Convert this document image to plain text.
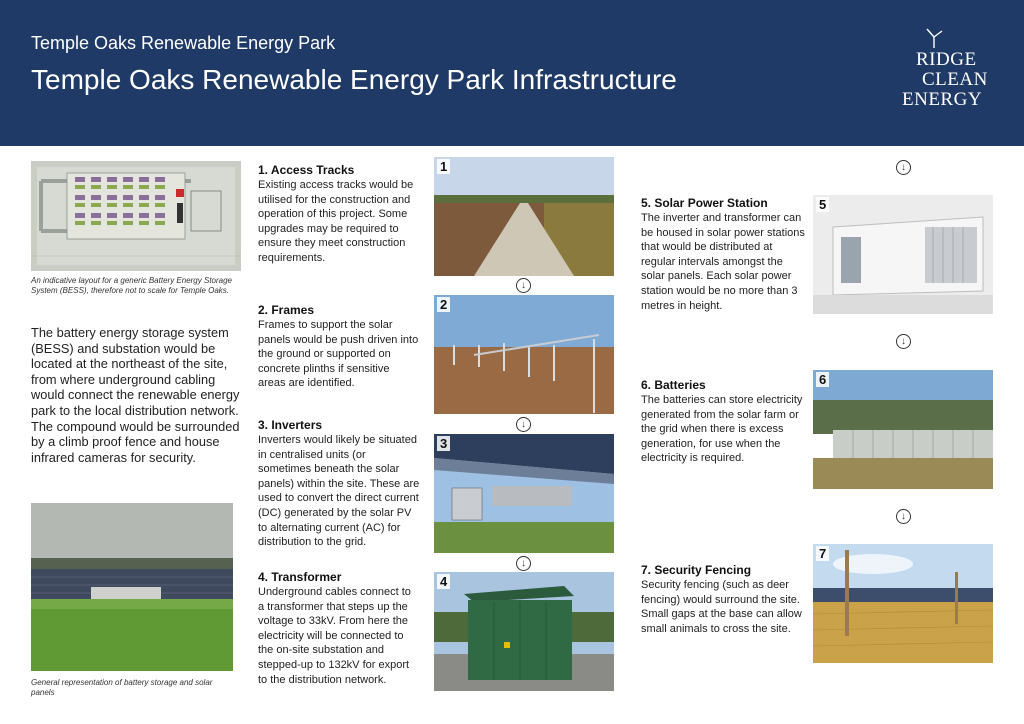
Temple Oaks Renewable Energy Park
Temple Oaks Renewable Energy Park Infrastructure
RIDGE
CLEAN
ENERGY
An indicative layout for a generic Battery Energy Storage System (BESS), therefore not to scale for Temple Oaks.
The battery energy storage system (BESS) and substation would be located at the northeast of the site, from where underground cabling would connect the renewable energy park to the local distribution network. The compound would be surrounded by a climb proof fence and house infrared cameras for security.
General representation of battery storage and solar panels
1. Access Tracks

Existing access tracks would be utilised for the construction and operation of this project. Some upgrades may be required to ensure they meet construction requirements.

2. Frames

Frames to support the solar panels would be push driven into the ground or supported on concrete plinths if sensitive areas are identified.

3. Inverters

Inverters would likely be situated in centralised units (or sometimes beneath the solar panels) within the site. These are used to convert the direct current (DC) generated by the solar PV to alternating current (AC) for distribution to the grid.

4. Transformer

Underground cables connect to a transformer that steps up the voltage to 33kV. From here the electricity will be connected to the on-site substation and stepped-up to 132kV for export to the distribution network.

1
↓
2
↓
3
↓
4
↓
5. Solar Power Station

The inverter and transformer can be housed in solar power stations that would be distributed at regular intervals amongst the solar panels. Each solar power station would be no more than 3 metres in height.

6. Batteries

The batteries can store electricity generated from the solar farm or the grid when there is excess generation, for use when the electricity is required.

7. Security Fencing

Security fencing (such as deer fencing) would surround the site. Small gaps at the base can allow small animals to cross the site.

5
↓
6
↓
7
